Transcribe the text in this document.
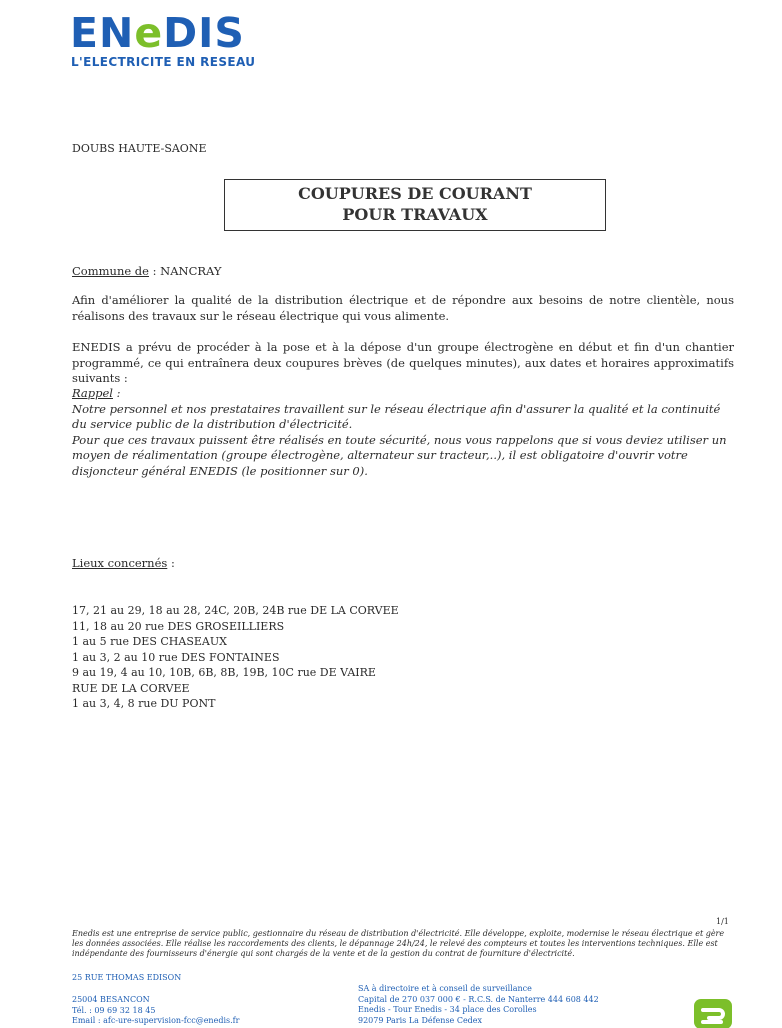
ENeDIS
L'ELECTRICITE EN RESEAU
DOUBS HAUTE-SAONE
COUPURES DE COURANT
POUR TRAVAUX
Commune de : NANCRAY
Afin d'améliorer la qualité de la distribution électrique et de répondre aux besoins de notre clientèle, nous réalisons des travaux sur le réseau électrique qui vous alimente.
ENEDIS a prévu de procéder à la pose et à la dépose d'un groupe électrogène en début et fin d'un chantier programmé, ce qui entraînera deux coupures brèves (de quelques minutes), aux dates et horaires approximatifs suivants :
Rappel :
Notre personnel et nos prestataires travaillent sur le réseau électrique afin d'assurer la qualité et la continuité du service public de la distribution d'électricité.
Pour que ces travaux puissent être réalisés en toute sécurité, nous vous rappelons que si vous deviez utiliser un moyen de réalimentation (groupe électrogène, alternateur sur tracteur,..), il est obligatoire d'ouvrir votre disjoncteur général ENEDIS (le positionner sur 0).
Lieux concernés :
17, 21 au 29, 18 au 28, 24C, 20B, 24B rue DE LA CORVEE
11, 18 au 20 rue DES GROSEILLIERS
1 au 5 rue DES CHASEAUX
1 au 3, 2 au 10 rue DES FONTAINES
9 au 19, 4 au 10, 10B, 6B, 8B, 19B, 10C rue DE VAIRE
RUE DE LA CORVEE
1 au 3, 4, 8 rue DU PONT
1/1
Enedis est une entreprise de service public, gestionnaire du réseau de distribution d'électricité. Elle développe, exploite, modernise le réseau électrique et gère les données associées. Elle réalise les raccordements des clients, le dépannage 24h/24, le relevé des compteurs et toutes les interventions techniques. Elle est indépendante des fournisseurs d'énergie qui sont chargés de la vente et de la gestion du contrat de fourniture d'électricité.
25 RUE THOMAS EDISON
25004 BESANCON
Tél. : 09 69 32 18 45
Email : afc-ure-supervision-fcc@enedis.fr
SA à directoire et à conseil de surveillance
Capital de 270 037 000 € - R.C.S. de Nanterre 444 608 442
Enedis - Tour Enedis - 34 place des Corolles
92079 Paris La Défense Cedex
